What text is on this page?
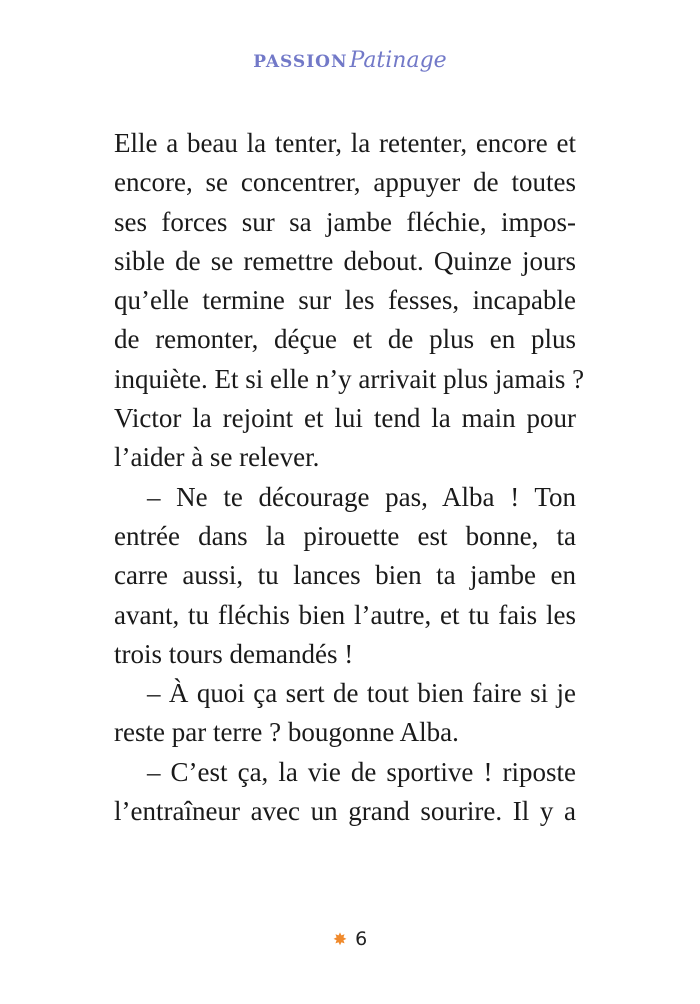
PASSIONPatinage
Elle a beau la tenter, la retenter, encore et
encore, se concentrer, appuyer de toutes
ses forces sur sa jambe fléchie, impos-
sible de se remettre debout. Quinze jours
qu’elle termine sur les fesses, incapable
de remonter, déçue et de plus en plus
inquiète. Et si elle n’y arrivait plus jamais ?
Victor la rejoint et lui tend la main pour
l’aider à se relever.
– Ne te décourage pas, Alba ! Ton
entrée dans la pirouette est bonne, ta
carre aussi, tu lances bien ta jambe en
avant, tu fléchis bien l’autre, et tu fais les
trois tours demandés !
– À quoi ça sert de tout bien faire si je
reste par terre ? bougonne Alba.
– C’est ça, la vie de sportive ! riposte
l’entraîneur avec un grand sourire. Il y a
✸ 6
